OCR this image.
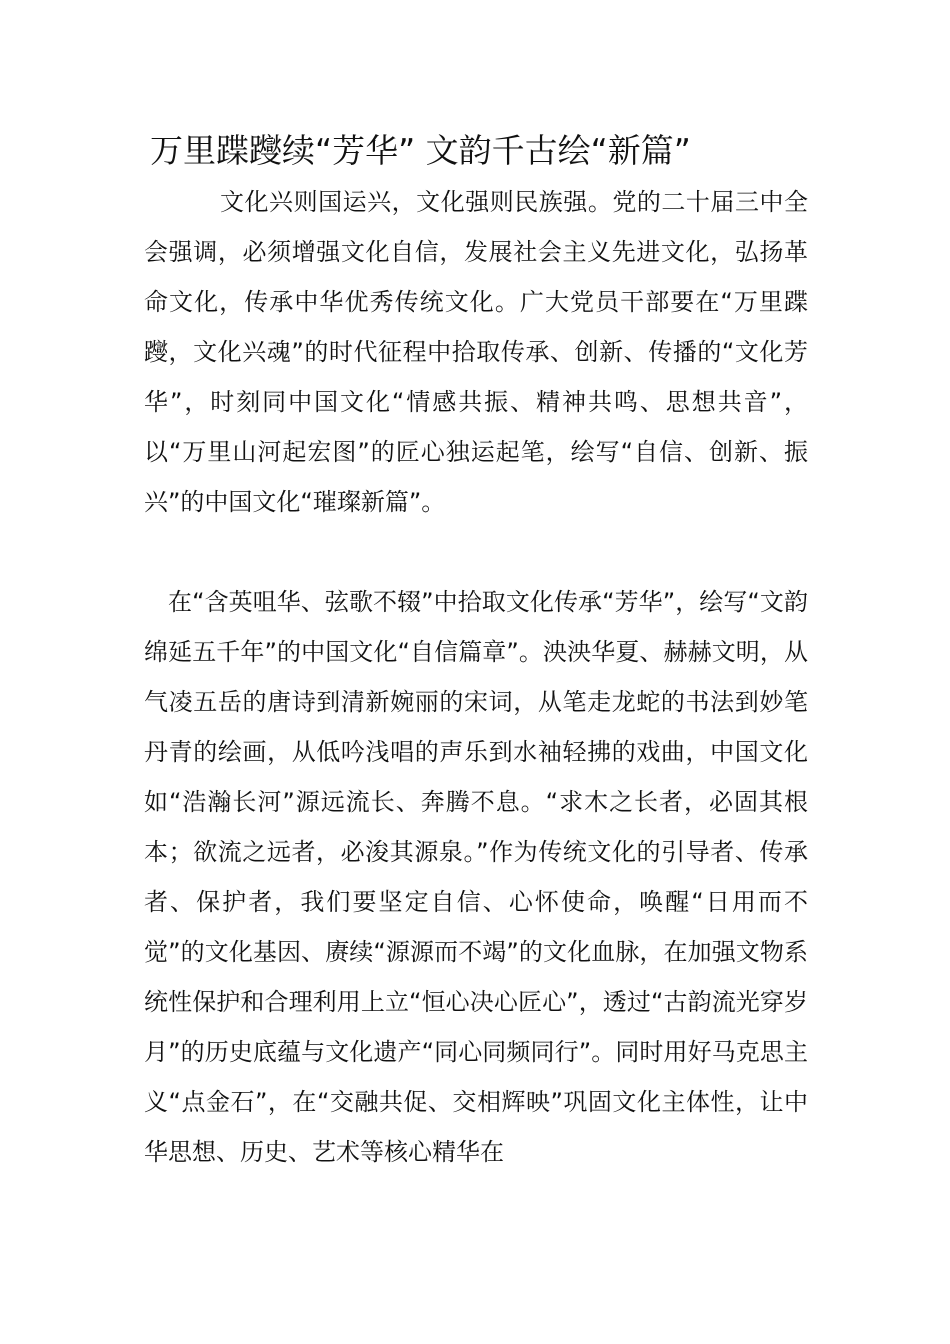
万里蹀躞续“芳华” 文韵千古绘“新篇”

文化兴则国运兴，文化强则民族强。党的二十届三中全会强调，必须增强文化自信，发展社会主义先进文化，弘扬革命文化，传承中华优秀传统文化。广大党员干部要在“万里蹀躞，文化兴魂”的时代征程中拾取传承、创新、传播的“文化芳华”，时刻同中国文化“情感共振、精神共鸣、思想共音”，以“万里山河起宏图”的匠心独运起笔，绘写“自信、创新、振兴”的中国文化“璀璨新篇”。

在“含英咀华、弦歌不辍”中拾取文化传承“芳华”，绘写“文韵绵延五千年”的中国文化“自信篇章”。泱泱华夏、赫赫文明，从气凌五岳的唐诗到清新婉丽的宋词，从笔走龙蛇的书法到妙笔丹青的绘画，从低吟浅唱的声乐到水袖轻拂的戏曲，中国文化如“浩瀚长河”源远流长、奔腾不息。“求木之长者，必固其根本；欲流之远者，必浚其源泉。”作为传统文化的引导者、传承者、保护者，我们要坚定自信、心怀使命，唤醒“日用而不觉”的文化基因、赓续“源源而不竭”的文化血脉，在加强文物系统性保护和合理利用上立“恒心决心匠心”，透过“古韵流光穿岁月”的历史底蕴与文化遗产“同心同频同行”。同时用好马克思主义“点金石”，在“交融共促、交相辉映”巩固文化主体性，让中华思想、历史、艺术等核心精华在
